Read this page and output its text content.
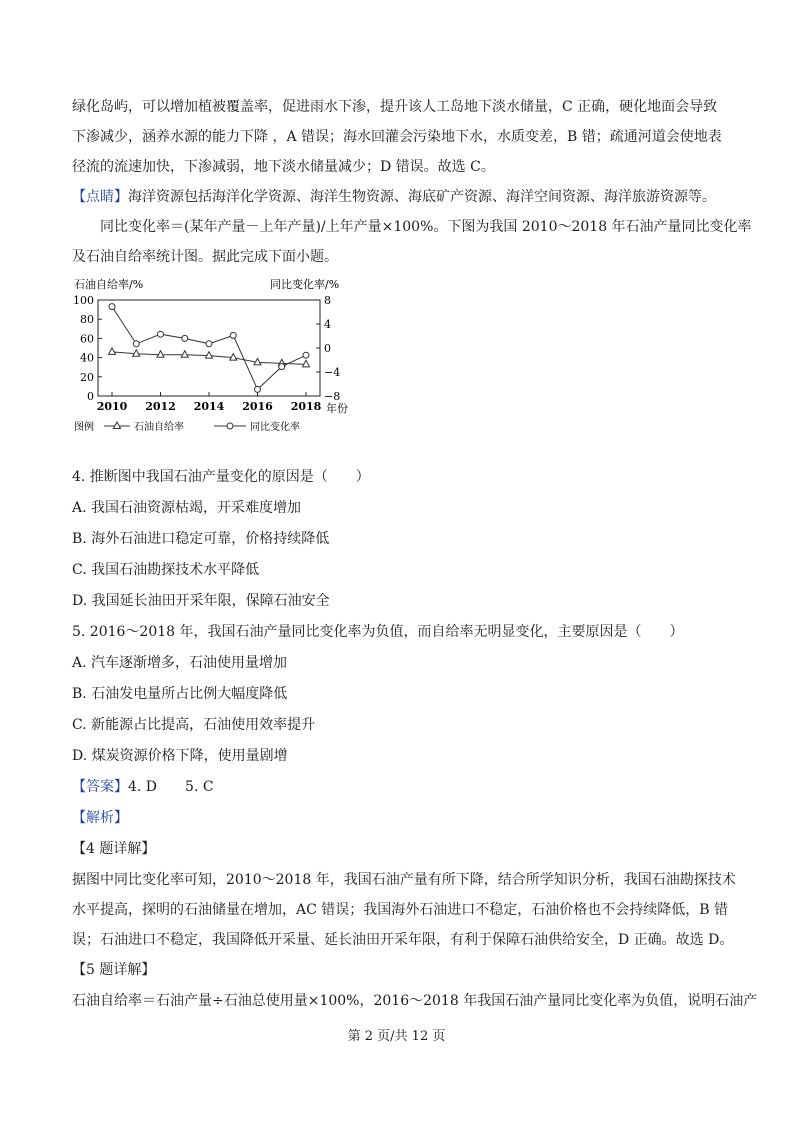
绿化岛屿，可以增加植被覆盖率，促进雨水下渗，提升该人工岛地下淡水储量，C 正确，硬化地面会导致

下渗减少，涵养水源的能力下降 ，A 错误；海水回灌会污染地下水，水质变差，B 错；疏通河道会使地表

径流的流速加快，下渗减弱，地下淡水储量减少；D 错误。故选 C。

【点睛】海洋资源包括海洋化学资源、海洋生物资源、海底矿产资源、海洋空间资源、海洋旅游资源等。

同比变化率＝(某年产量－上年产量)/上年产量×100%。下图为我国 2010～2018 年石油产量同比变化率

及石油自给率统计图。据此完成下面小题。

石油自给率/%	同比变化率/%
0
20
40
60
80
100
−8
−4
0
4
8
2010 2012 2014 2016 2018 年份
图例	石油自给率	同比变化率

4. 推断图中我国石油产量变化的原因是（　　）

A. 我国石油资源枯竭，开采难度增加

B. 海外石油进口稳定可靠，价格持续降低

C. 我国石油勘探技术水平降低

D. 我国延长油田开采年限，保障石油安全

5. 2016～2018 年，我国石油产量同比变化率为负值，而自给率无明显变化，主要原因是（　　）

A. 汽车逐渐增多，石油使用量增加

B. 石油发电量所占比例大幅度降低

C. 新能源占比提高，石油使用效率提升

D. 煤炭资源价格下降，使用量剧增

【答案】4. D　　5. C

【解析】

【4 题详解】

据图中同比变化率可知，2010～2018 年，我国石油产量有所下降，结合所学知识分析，我国石油勘探技术

水平提高，探明的石油储量在增加，AC 错误；我国海外石油进口不稳定，石油价格也不会持续降低，B 错

误；石油进口不稳定，我国降低开采量、延长油田开采年限，有利于保障石油供给安全，D 正确。故选 D。

【5 题详解】

石油自给率＝石油产量÷石油总使用量×100%，2016～2018 年我国石油产量同比变化率为负值，说明石油产

第 2 页/共 12 页
